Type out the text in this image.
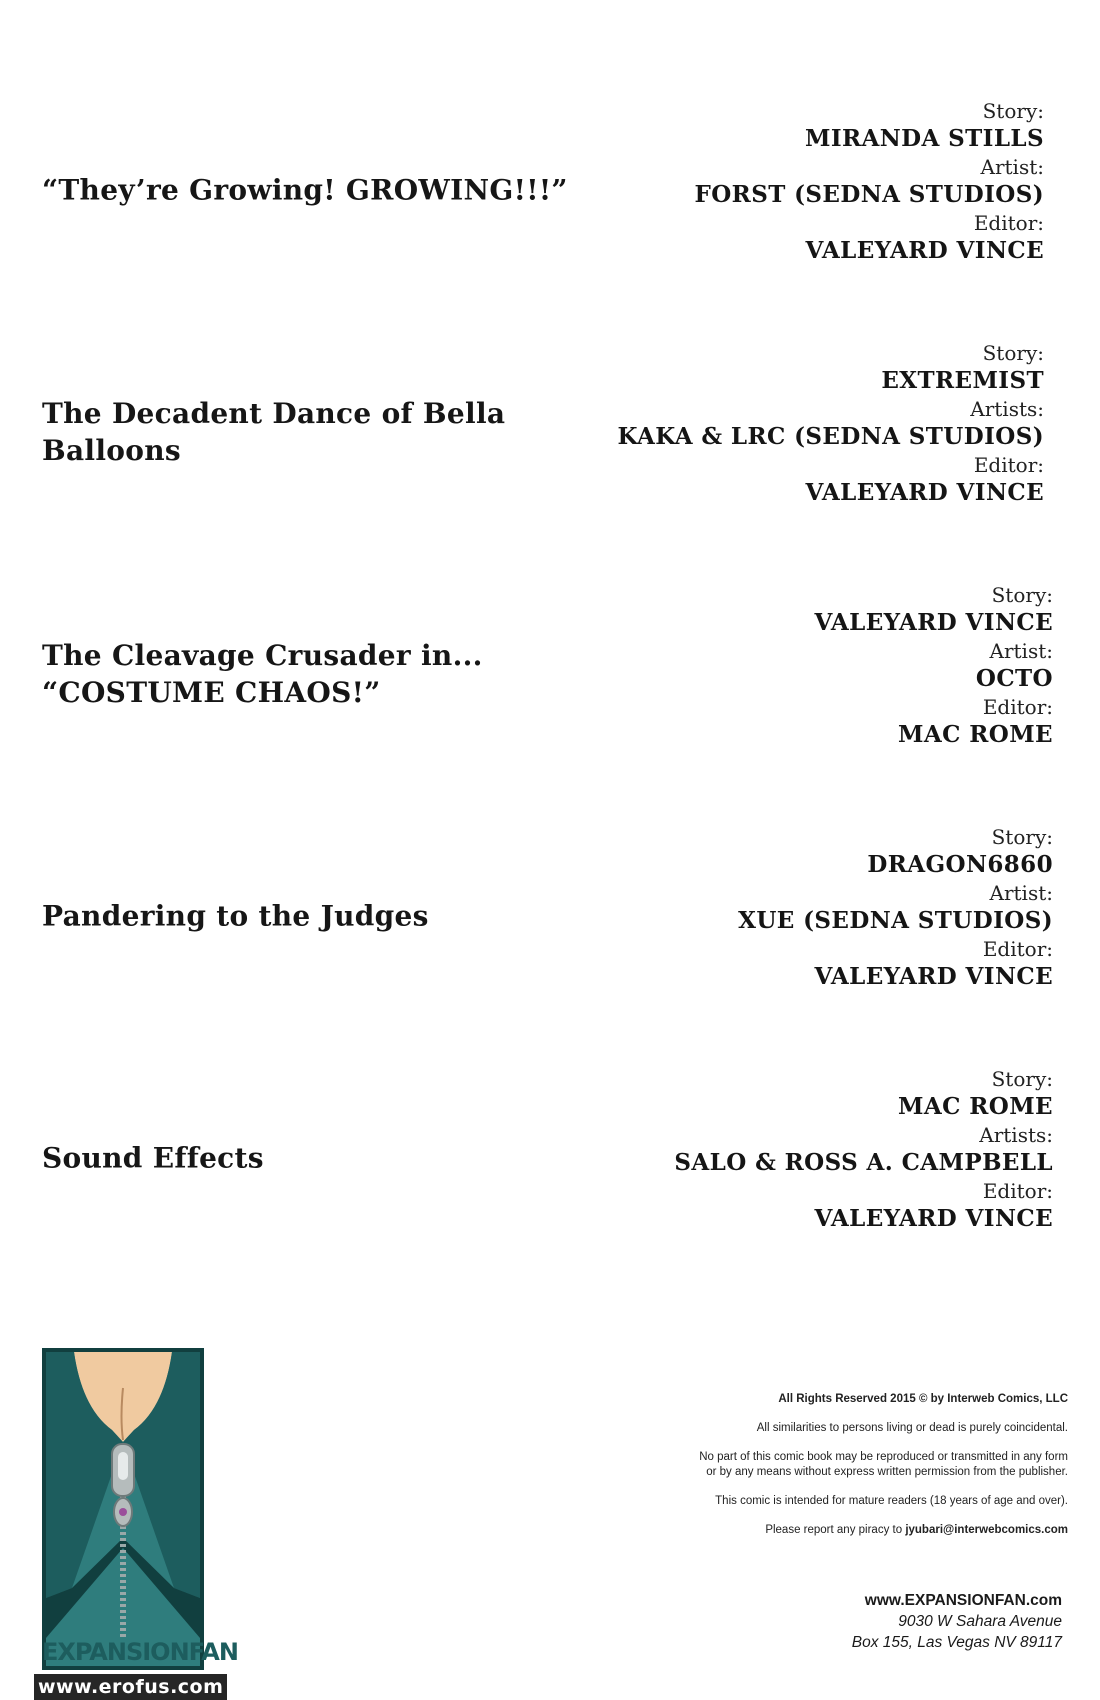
“They’re Growing! GROWING!!!”
Story:
MIRANDA STILLS
Artist:
FORST (SEDNA STUDIOS)
Editor:
VALEYARD VINCE
The Decadent Dance of Bella
Balloons
Story:
EXTREMIST
Artists:
KAKA & LRC (SEDNA STUDIOS)
Editor:
VALEYARD VINCE
The Cleavage Crusader in...
“COSTUME CHAOS!”
Story:
VALEYARD VINCE
Artist:
OCTO
Editor:
MAC ROME
Pandering to the Judges
Story:
DRAGON6860
Artist:
XUE (SEDNA STUDIOS)
Editor:
VALEYARD VINCE
Sound Effects
Story:
MAC ROME
Artists:
SALO & ROSS A. CAMPBELL
Editor:
VALEYARD VINCE
EXPANSIONFAN

All Rights Reserved 2015 © by Interweb Comics, LLC

All similarities to persons living or dead is purely coincidental.

No part of this comic book may be reproduced or transmitted in any form
or by any means without express written permission from the publisher.

This comic is intended for mature readers (18 years of age and over).

Please report any piracy to jyubari@interwebcomics.com

www.EXPANSIONFAN.com
9030 W Sahara Avenue
Box 155, Las Vegas NV 89117
www.erofus.com
